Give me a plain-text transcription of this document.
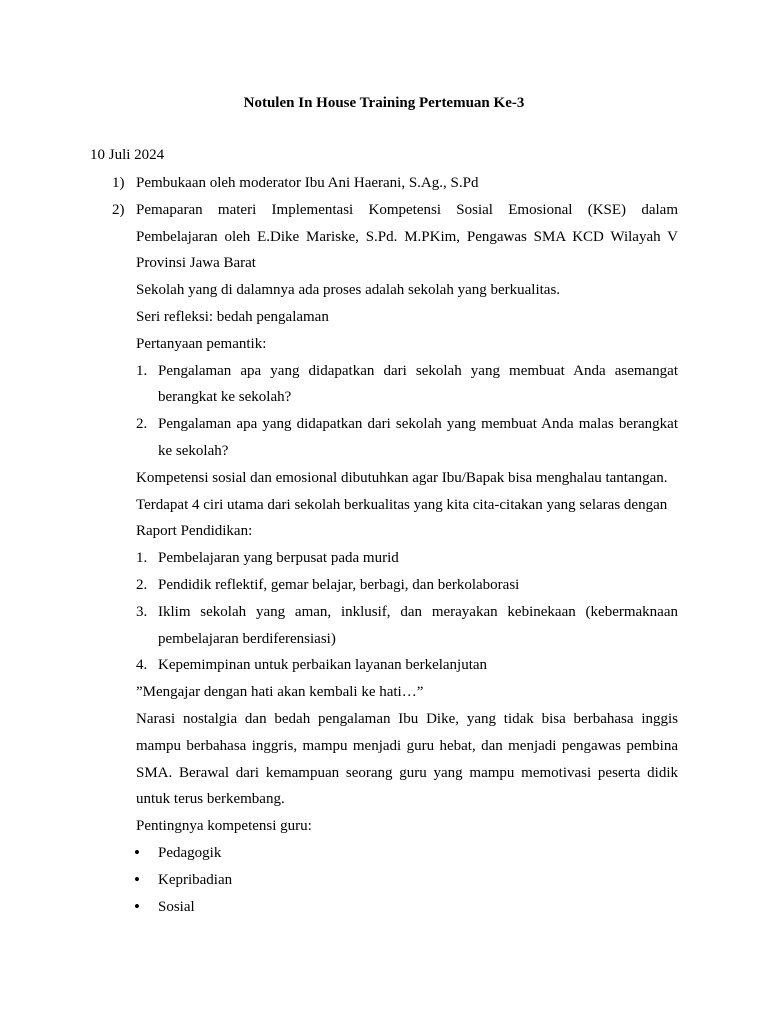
Notulen In House Training Pertemuan Ke-3
10 Juli 2024
1) Pembukaan oleh moderator Ibu Ani Haerani, S.Ag., S.Pd
2) Pemaparan materi Implementasi Kompetensi Sosial Emosional (KSE) dalam Pembelajaran oleh E.Dike Mariske, S.Pd. M.PKim, Pengawas SMA KCD Wilayah V Provinsi Jawa Barat
Sekolah yang di dalamnya ada proses adalah sekolah yang berkualitas.
Seri refleksi: bedah pengalaman
Pertanyaan pemantik:
1. Pengalaman apa yang didapatkan dari sekolah yang membuat Anda asemangat berangkat ke sekolah?
2. Pengalaman apa yang didapatkan dari sekolah yang membuat Anda malas berangkat ke sekolah?
Kompetensi sosial dan emosional dibutuhkan agar Ibu/Bapak bisa menghalau tantangan.
Terdapat 4 ciri utama dari sekolah berkualitas yang kita cita-citakan yang selaras dengan
Raport Pendidikan:
1. Pembelajaran yang berpusat pada murid
2. Pendidik reflektif, gemar belajar, berbagi, dan berkolaborasi
3. Iklim sekolah yang aman, inklusif, dan merayakan kebinekaan (kebermaknaan pembelajaran berdiferensiasi)
4. Kepemimpinan untuk perbaikan layanan berkelanjutan
”Mengajar dengan hati akan kembali ke hati…”
Narasi nostalgia dan bedah pengalaman Ibu Dike, yang tidak bisa berbahasa inggis mampu berbahasa inggris, mampu menjadi guru hebat, dan menjadi pengawas pembina SMA. Berawal dari kemampuan seorang guru yang mampu memotivasi peserta didik untuk terus berkembang.
Pentingnya kompetensi guru:
• Pedagogik
• Kepribadian
• Sosial
